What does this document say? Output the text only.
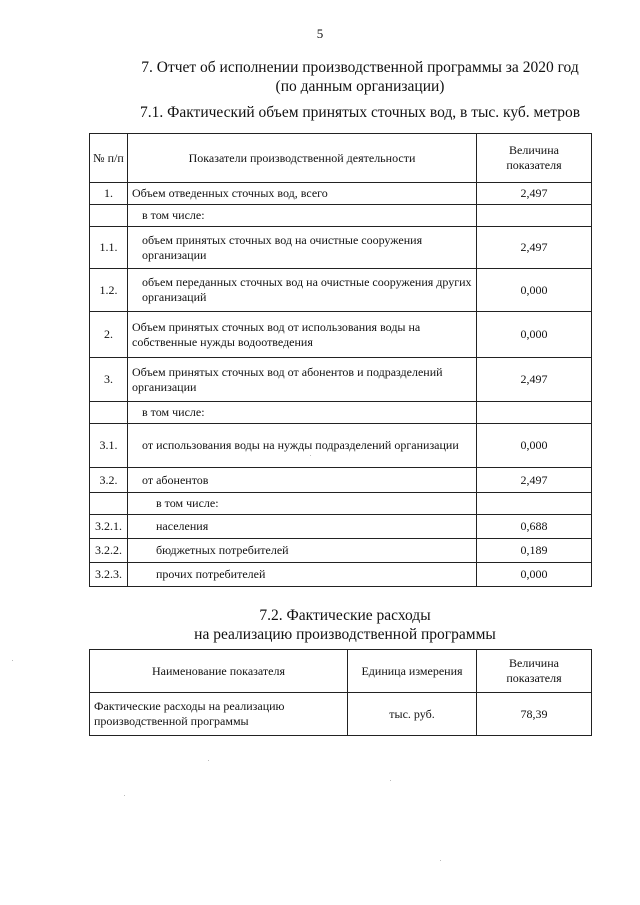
5
7. Отчет об исполнении производственной программы за 2020 год
(по данным организации)
7.1. Фактический объем принятых сточных вод, в тыс. куб. метров
№ п/п	Показатели производственной деятельности	Величина показателя
1.	Объем отведенных сточных вод, всего	2,497
	в том числе:	
1.1.	объем принятых сточных вод на очистные сооружения организации	2,497
1.2.	объем переданных сточных вод на очистные сооружения других организаций	0,000
2.	Объем принятых сточных вод от использования воды на собственные нужды водоотведения	0,000
3.	Объем принятых сточных вод от абонентов и подразделений организации	2,497
	в том числе:	
3.1.	от использования воды на нужды подразделений организации	0,000
3.2.	от абонентов	2,497
	в том числе:	
3.2.1.	населения	0,688
3.2.2.	бюджетных потребителей	0,189
3.2.3.	прочих потребителей	0,000
7.2. Фактические расходы
на реализацию производственной программы
Наименование показателя	Единица измерения	Величина показателя
Фактические расходы на реализацию производственной программы	тыс. руб.	78,39
